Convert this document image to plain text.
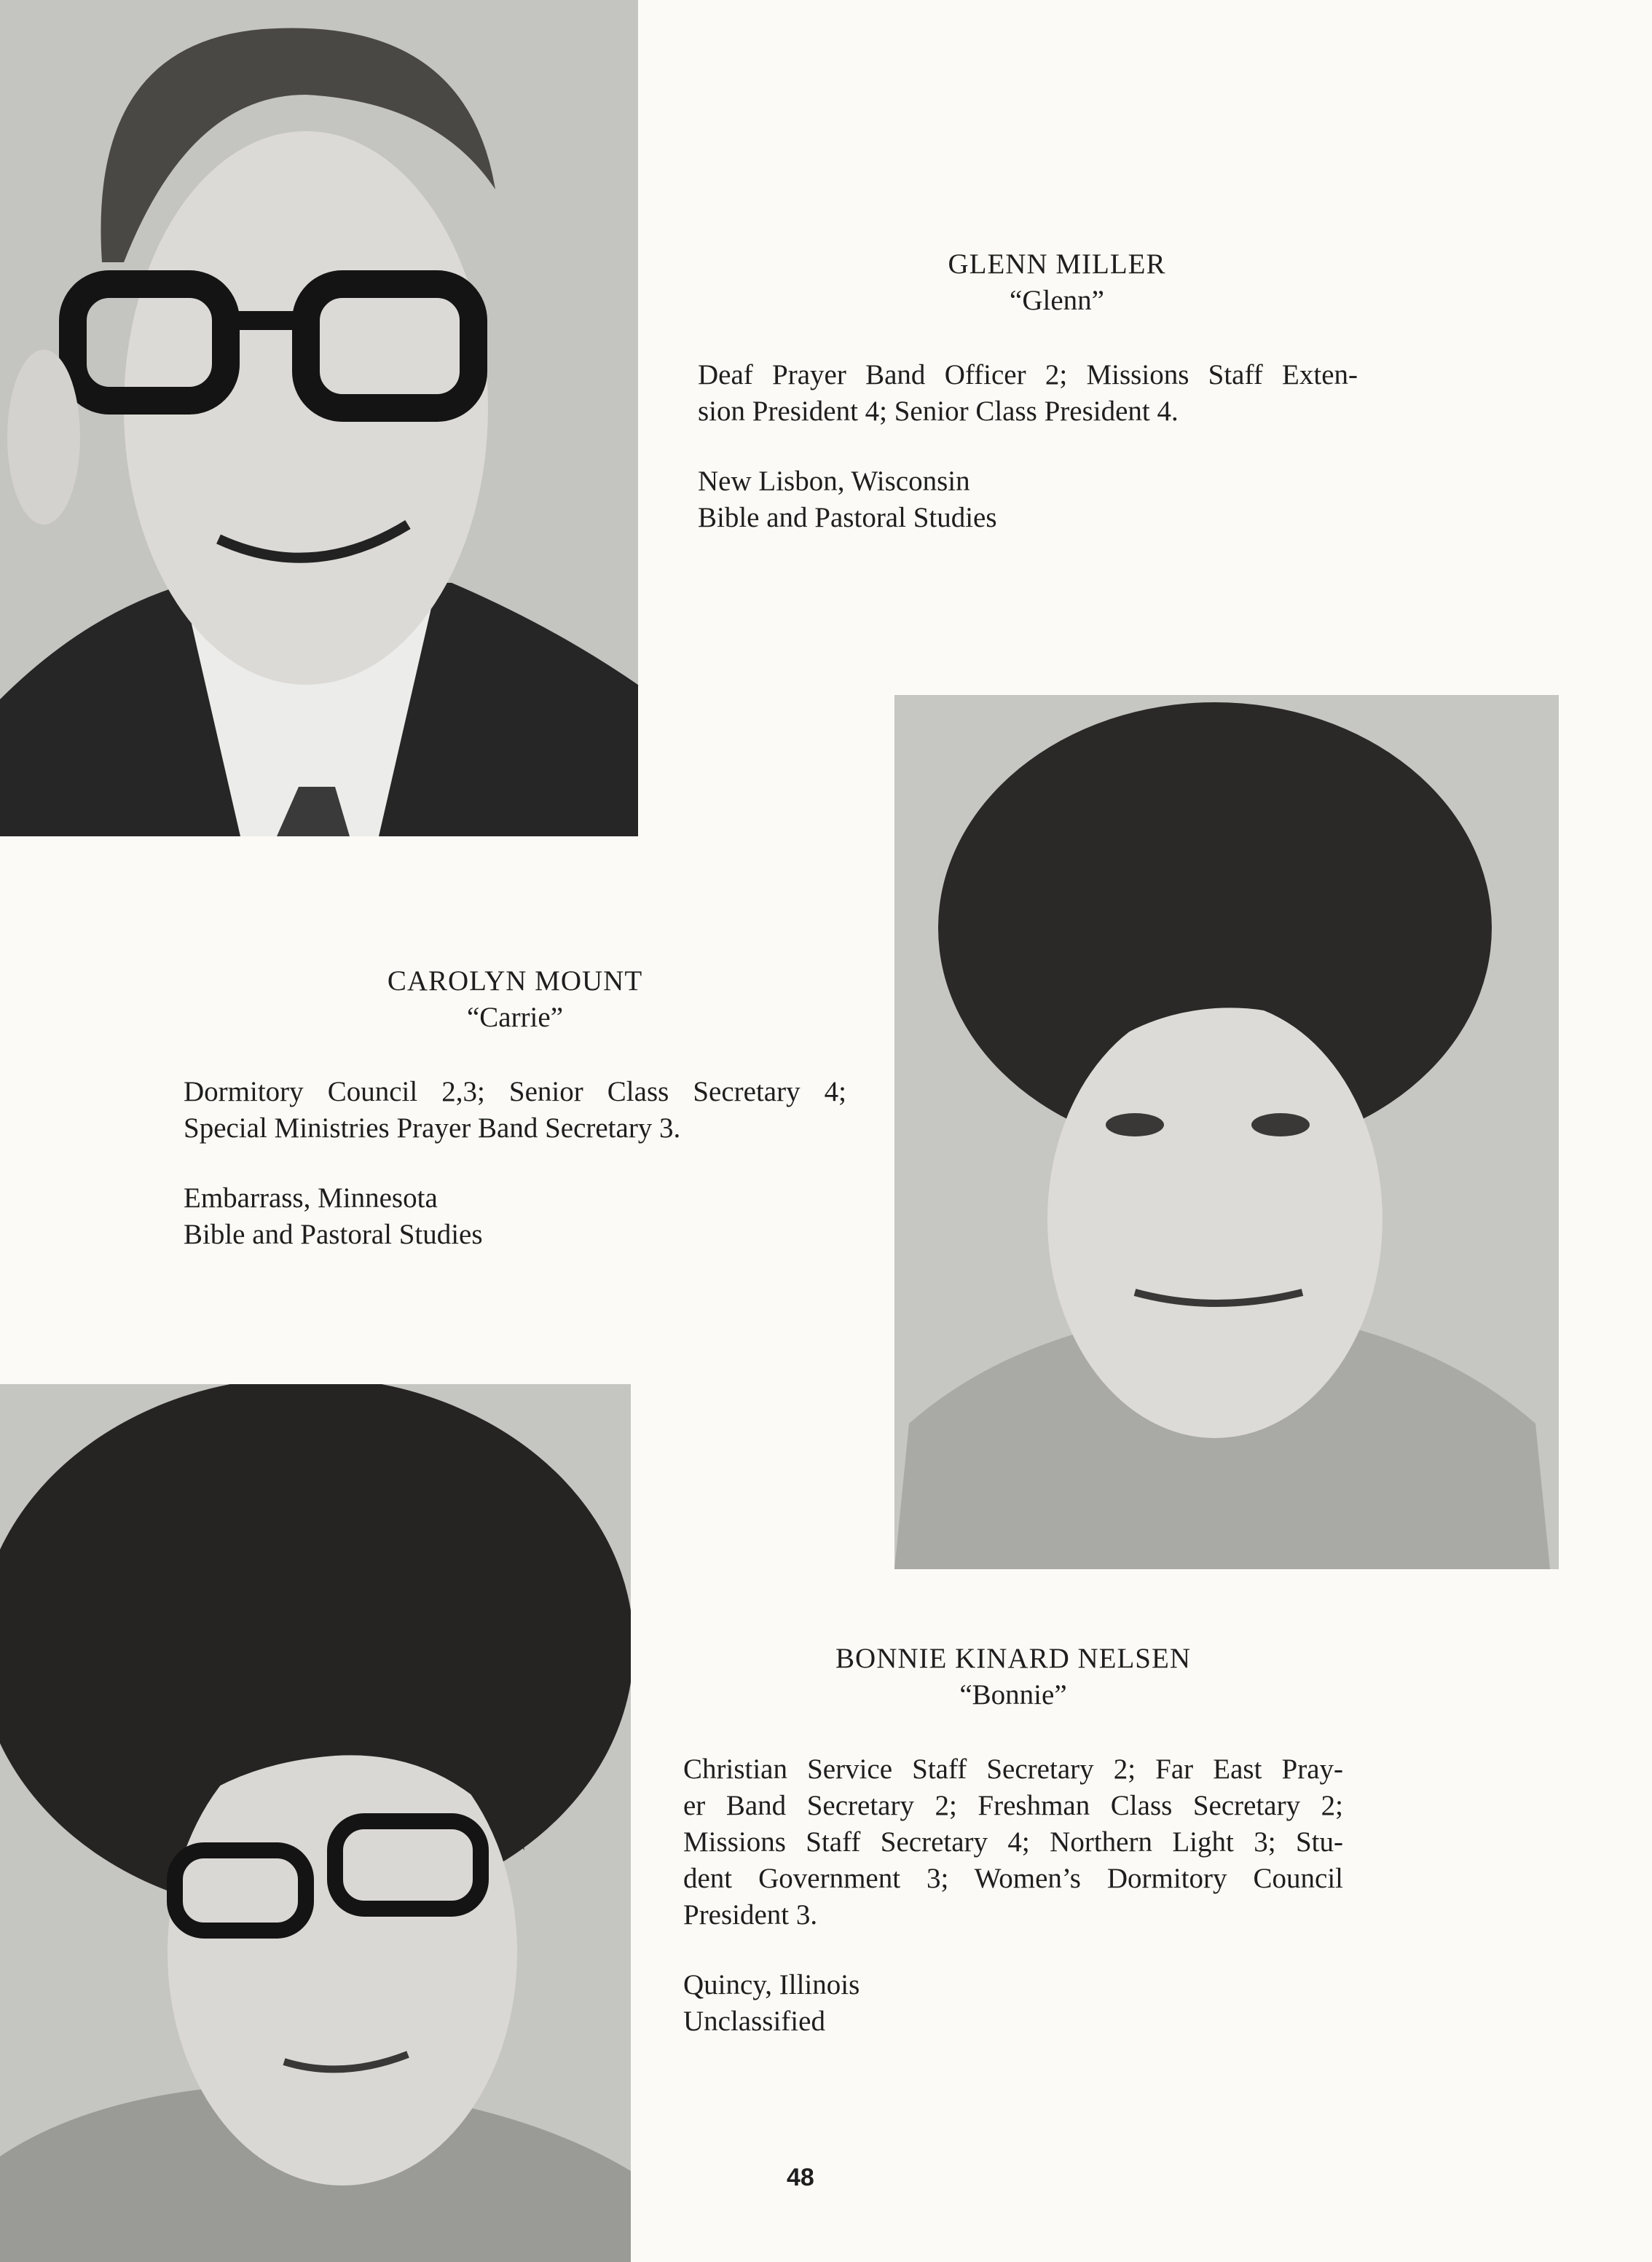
GLENN MILLER
“Glenn”
Deaf Prayer Band Officer 2; Missions Staff Exten-
sion President 4; Senior Class President 4.
New Lisbon, Wisconsin
Bible and Pastoral Studies
CAROLYN MOUNT
“Carrie”
Dormitory Council 2,3; Senior Class Secretary 4;
Special Ministries Prayer Band Secretary 3.
Embarrass, Minnesota
Bible and Pastoral Studies
BONNIE KINARD NELSEN
“Bonnie”
Christian Service Staff Secretary 2; Far East Pray-
er Band Secretary 2; Freshman Class Secretary 2;
Missions Staff Secretary 4; Northern Light 3; Stu-
dent Government 3; Women’s Dormitory Council
President 3.
Quincy, Illinois
Unclassified
48
